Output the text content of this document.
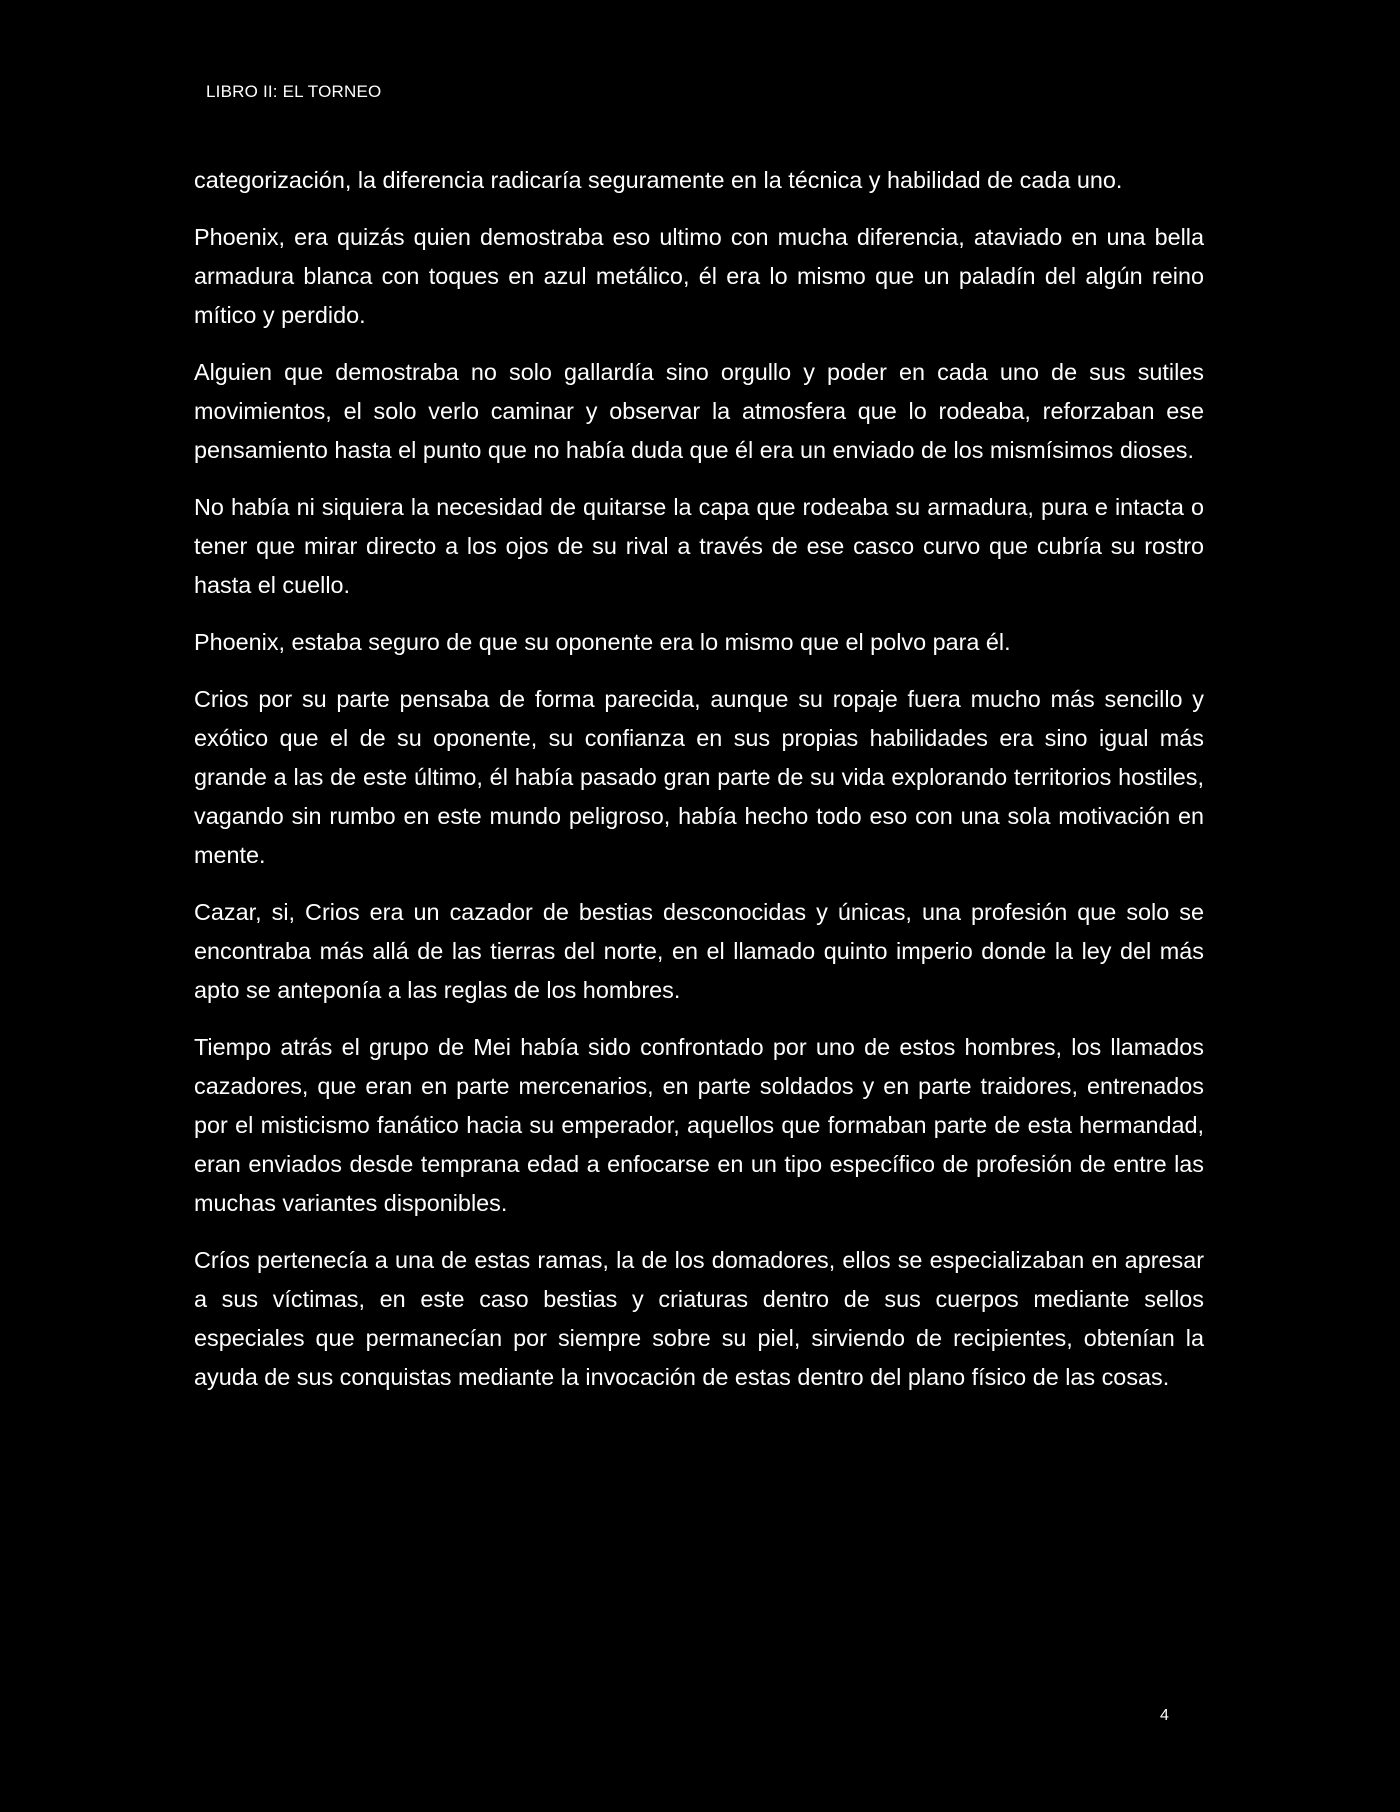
LIBRO II: EL TORNEO

categorización, la diferencia radicaría seguramente en la técnica y habilidad de cada uno.

Phoenix, era quizás quien demostraba eso ultimo con mucha diferencia, ataviado en una bella armadura blanca con toques en azul metálico, él era lo mismo que un paladín del algún reino mítico y perdido.

Alguien que demostraba no solo gallardía sino orgullo y poder en cada uno de sus sutiles movimientos, el solo verlo caminar y observar la atmosfera que lo rodeaba, reforzaban ese pensamiento hasta el punto que no había duda que él era un enviado de los mismísimos dioses.

No había ni siquiera la necesidad de quitarse la capa que rodeaba su armadura, pura e intacta o tener que mirar directo a los ojos de su rival a través de ese casco curvo que cubría su rostro hasta el cuello.

Phoenix, estaba seguro de que su oponente era lo mismo que el polvo para él.

Crios por su parte pensaba de forma parecida, aunque su ropaje fuera mucho más sencillo y exótico que el de su oponente, su confianza en sus propias habilidades era sino igual más grande a las de este último, él había pasado gran parte de su vida explorando territorios hostiles, vagando sin rumbo en este mundo peligroso, había hecho todo eso con una sola motivación en mente.

Cazar, si, Crios era un cazador de bestias desconocidas y únicas, una profesión que solo se encontraba más allá de las tierras del norte, en el llamado quinto imperio donde la ley del más apto se anteponía a las reglas de los hombres.

Tiempo atrás el grupo de Mei había sido confrontado por uno de estos hombres, los llamados cazadores, que eran en parte mercenarios, en parte soldados y en parte traidores, entrenados por el misticismo fanático hacia su emperador, aquellos que formaban parte de esta hermandad, eran enviados desde temprana edad a enfocarse en un tipo específico de profesión de entre las muchas variantes disponibles.

Críos pertenecía a una de estas ramas, la de los domadores, ellos se especializaban en apresar a sus víctimas, en este caso bestias y criaturas dentro de sus cuerpos mediante sellos especiales que permanecían por siempre sobre su piel, sirviendo de recipientes, obtenían la ayuda de sus conquistas mediante la invocación de estas dentro del plano físico de las cosas.

4
